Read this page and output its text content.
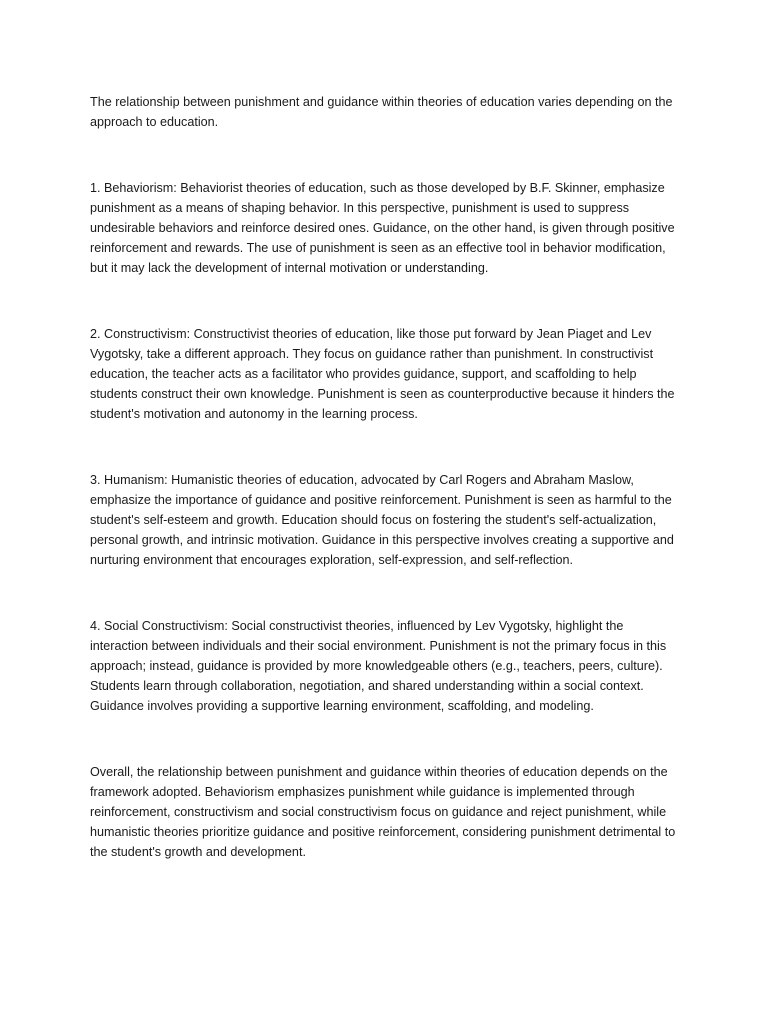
The relationship between punishment and guidance within theories of education varies depending on the approach to education.

1. Behaviorism: Behaviorist theories of education, such as those developed by B.F. Skinner, emphasize punishment as a means of shaping behavior. In this perspective, punishment is used to suppress undesirable behaviors and reinforce desired ones. Guidance, on the other hand, is given through positive reinforcement and rewards. The use of punishment is seen as an effective tool in behavior modification, but it may lack the development of internal motivation or understanding.

2. Constructivism: Constructivist theories of education, like those put forward by Jean Piaget and Lev Vygotsky, take a different approach. They focus on guidance rather than punishment. In constructivist education, the teacher acts as a facilitator who provides guidance, support, and scaffolding to help students construct their own knowledge. Punishment is seen as counterproductive because it hinders the student's motivation and autonomy in the learning process.

3. Humanism: Humanistic theories of education, advocated by Carl Rogers and Abraham Maslow, emphasize the importance of guidance and positive reinforcement. Punishment is seen as harmful to the student's self-esteem and growth. Education should focus on fostering the student's self-actualization, personal growth, and intrinsic motivation. Guidance in this perspective involves creating a supportive and nurturing environment that encourages exploration, self-expression, and self-reflection.

4. Social Constructivism: Social constructivist theories, influenced by Lev Vygotsky, highlight the interaction between individuals and their social environment. Punishment is not the primary focus in this approach; instead, guidance is provided by more knowledgeable others (e.g., teachers, peers, culture). Students learn through collaboration, negotiation, and shared understanding within a social context. Guidance involves providing a supportive learning environment, scaffolding, and modeling.

Overall, the relationship between punishment and guidance within theories of education depends on the framework adopted. Behaviorism emphasizes punishment while guidance is implemented through reinforcement, constructivism and social constructivism focus on guidance and reject punishment, while humanistic theories prioritize guidance and positive reinforcement, considering punishment detrimental to the student's growth and development.
